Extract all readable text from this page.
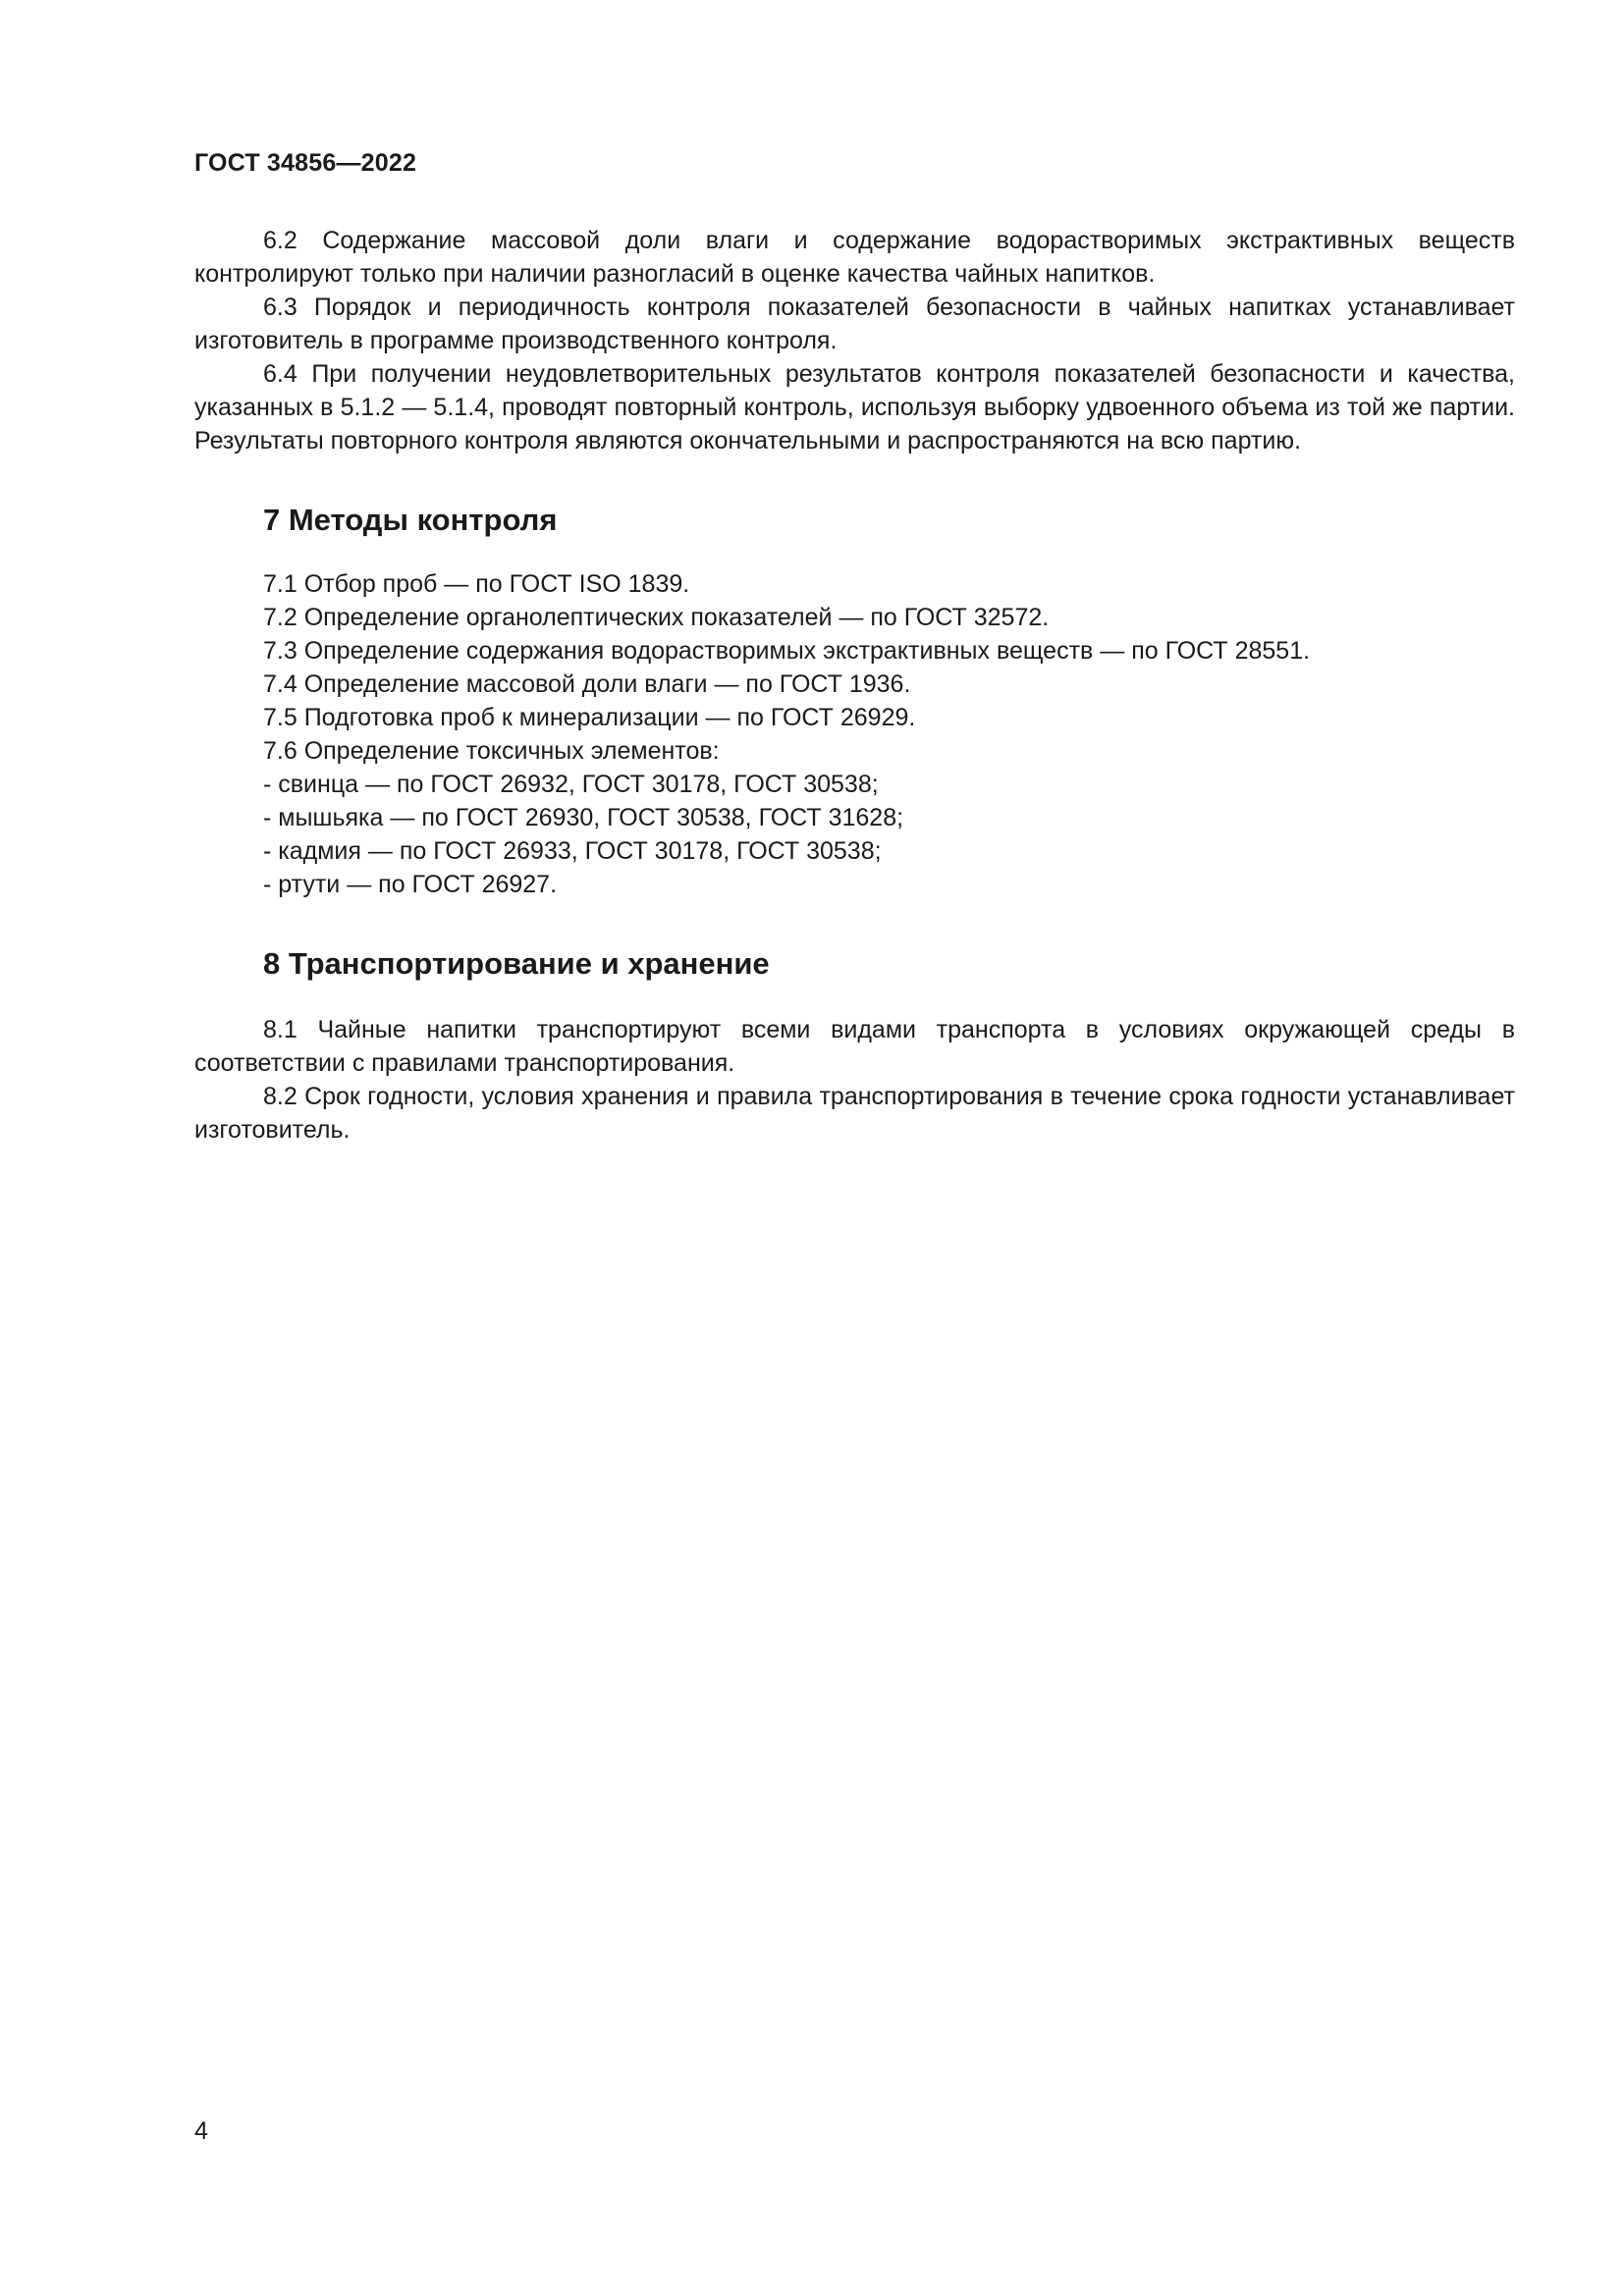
ГОСТ 34856—2022

6.2 Содержание массовой доли влаги и содержание водорастворимых экстрактивных веществ контролируют только при наличии разногласий в оценке качества чайных напитков.

6.3 Порядок и периодичность контроля показателей безопасности в чайных напитках устанавливает изготовитель в программе производственного контроля.

6.4 При получении неудовлетворительных результатов контроля показателей безопасности и качества, указанных в 5.1.2 — 5.1.4, проводят повторный контроль, используя выборку удвоенного объема из той же партии. Результаты повторного контроля являются окончательными и распространяются на всю партию.

7 Методы контроля

7.1 Отбор проб — по ГОСТ ISO 1839.

7.2 Определение органолептических показателей — по ГОСТ 32572.

7.3 Определение содержания водорастворимых экстрактивных веществ — по ГОСТ 28551.

7.4 Определение массовой доли влаги — по ГОСТ 1936.

7.5 Подготовка проб к минерализации — по ГОСТ 26929.

7.6 Определение токсичных элементов:

- свинца — по ГОСТ 26932, ГОСТ 30178, ГОСТ 30538;

- мышьяка — по ГОСТ 26930, ГОСТ 30538, ГОСТ 31628;

- кадмия — по ГОСТ 26933, ГОСТ 30178, ГОСТ 30538;

- ртути — по ГОСТ 26927.

8 Транспортирование и хранение

8.1 Чайные напитки транспортируют всеми видами транспорта в условиях окружающей среды в соответствии с правилами транспортирования.

8.2 Срок годности, условия хранения и правила транспортирования в течение срока годности устанавливает изготовитель.

4
